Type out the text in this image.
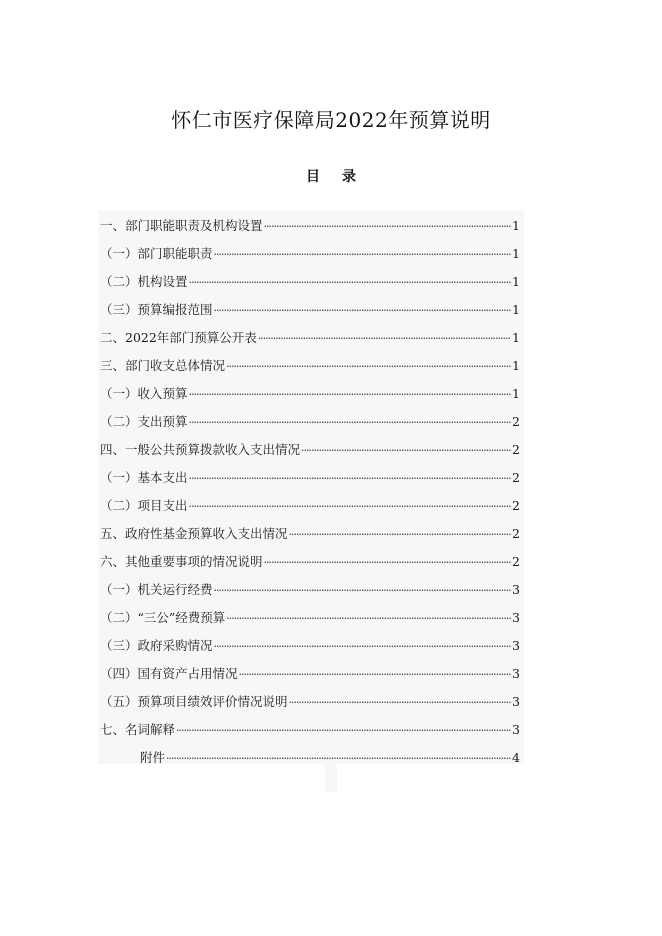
怀仁市医疗保障局2022年预算说明
目录
一、部门职能职责及机构设置 ·····	1
（一）部门职能职责 ·····	1
（二）机构设置 ·····	1
（三）预算编报范围 ·····	1
二、2022年部门预算公开表 ·····	1
三、部门收支总体情况 ·····	1
（一）收入预算 ·····	1
（二）支出预算 ·····	2
四、一般公共预算拨款收入支出情况 ·····	2
（一）基本支出 ·····	2
（二）项目支出 ·····	2
五、政府性基金预算收入支出情况 ·····	2
六、其他重要事项的情况说明 ·····	2
（一）机关运行经费 ·····	3
（二）“三公”经费预算 ·····	3
（三）政府采购情况 ·····	3
（四）国有资产占用情况 ·····	3
（五）预算项目绩效评价情况说明 ·····	3
七、名词解释 ·····	3
附件 ·····	4
